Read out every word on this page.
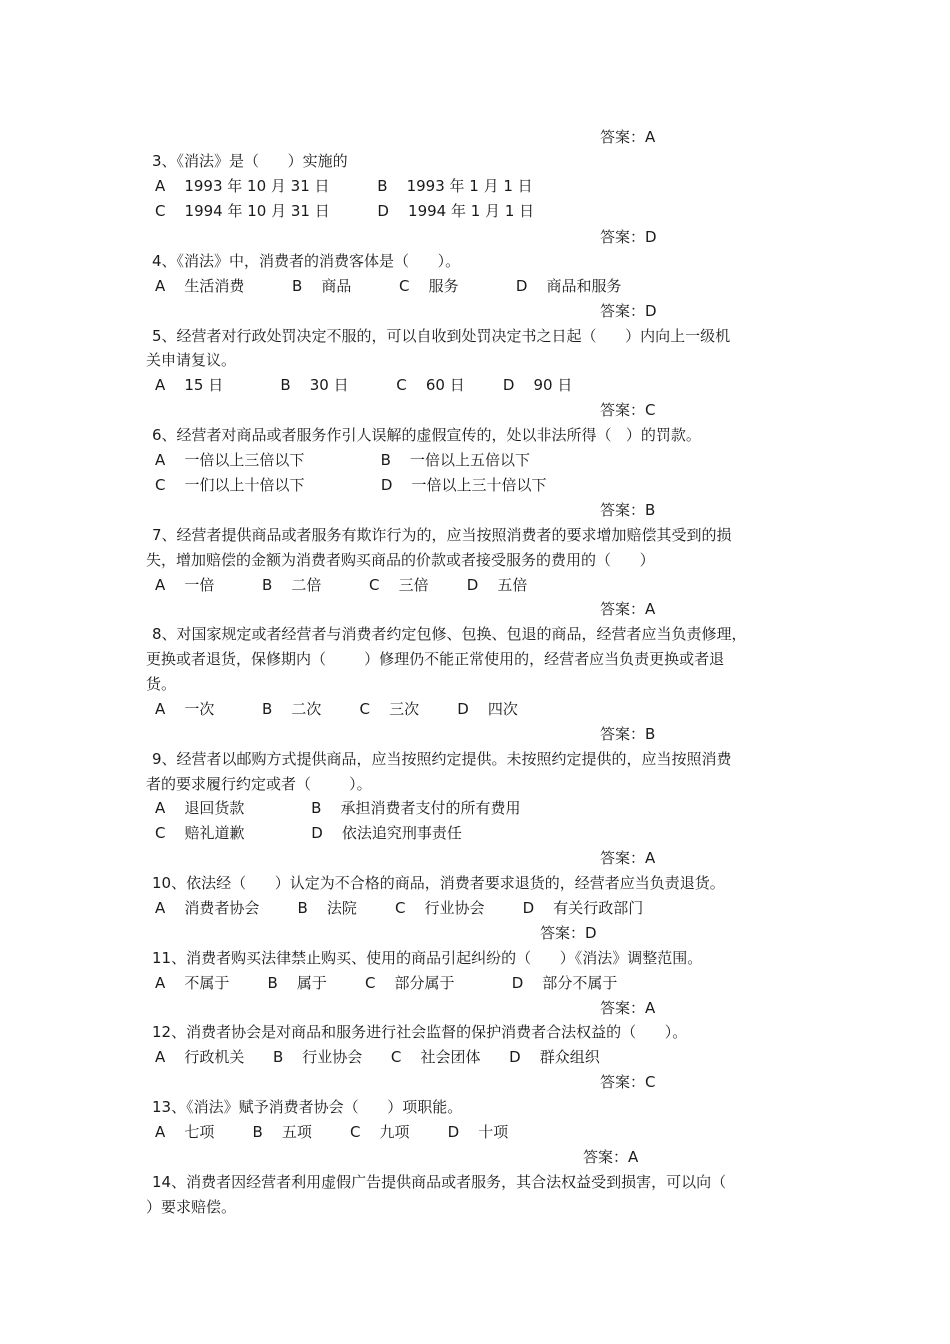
答案：A
3、《消法》是（      ）实施的
A    1993 年 10 月 31 日          B    1993 年 1 月 1 日
C    1994 年 10 月 31 日          D    1994 年 1 月 1 日
答案：D
4、《消法》中，消费者的消费客体是（      ）。
A    生活消费          B    商品          C    服务            D    商品和服务
答案：D
5、经营者对行政处罚决定不服的，可以自收到处罚决定书之日起（      ）内向上一级机
关申请复议。
A    15 日            B    30 日          C    60 日        D    90 日
答案：C
6、经营者对商品或者服务作引人误解的虚假宣传的，处以非法所得（   ）的罚款。
A    一倍以上三倍以下                B    一倍以上五倍以下
C    一们以上十倍以下                D    一倍以上三十倍以下
答案：B
7、经营者提供商品或者服务有欺诈行为的，应当按照消费者的要求增加赔偿其受到的损
失，增加赔偿的金额为消费者购买商品的价款或者接受服务的费用的（      ）
A    一倍          B    二倍          C    三倍        D    五倍
答案：A
8、对国家规定或者经营者与消费者约定包修、包换、包退的商品，经营者应当负责修理，
更换或者退货，保修期内（        ）修理仍不能正常使用的，经营者应当负责更换或者退
货。
A    一次          B    二次        C    三次        D    四次
答案：B
9、经营者以邮购方式提供商品，应当按照约定提供。未按照约定提供的，应当按照消费
者的要求履行约定或者（        ）。
A    退回货款              B    承担消费者支付的所有费用
C    赔礼道歉              D    依法追究刑事责任
答案：A
10、依法经（      ）认定为不合格的商品，消费者要求退货的，经营者应当负责退货。
A    消费者协会        B    法院        C    行业协会        D    有关行政部门
答案：D
11、消费者购买法律禁止购买、使用的商品引起纠纷的（      ）《消法》调整范围。
A    不属于        B    属于        C    部分属于            D    部分不属于
答案：A
12、消费者协会是对商品和服务进行社会监督的保护消费者合法权益的（      ）。
A    行政机关      B    行业协会      C    社会团体      D    群众组织
答案：C
13、《消法》赋予消费者协会（      ）项职能。
A    七项        B    五项        C    九项        D    十项
答案：A
14、消费者因经营者利用虚假广告提供商品或者服务，其合法权益受到损害，可以向（
）要求赔偿。
